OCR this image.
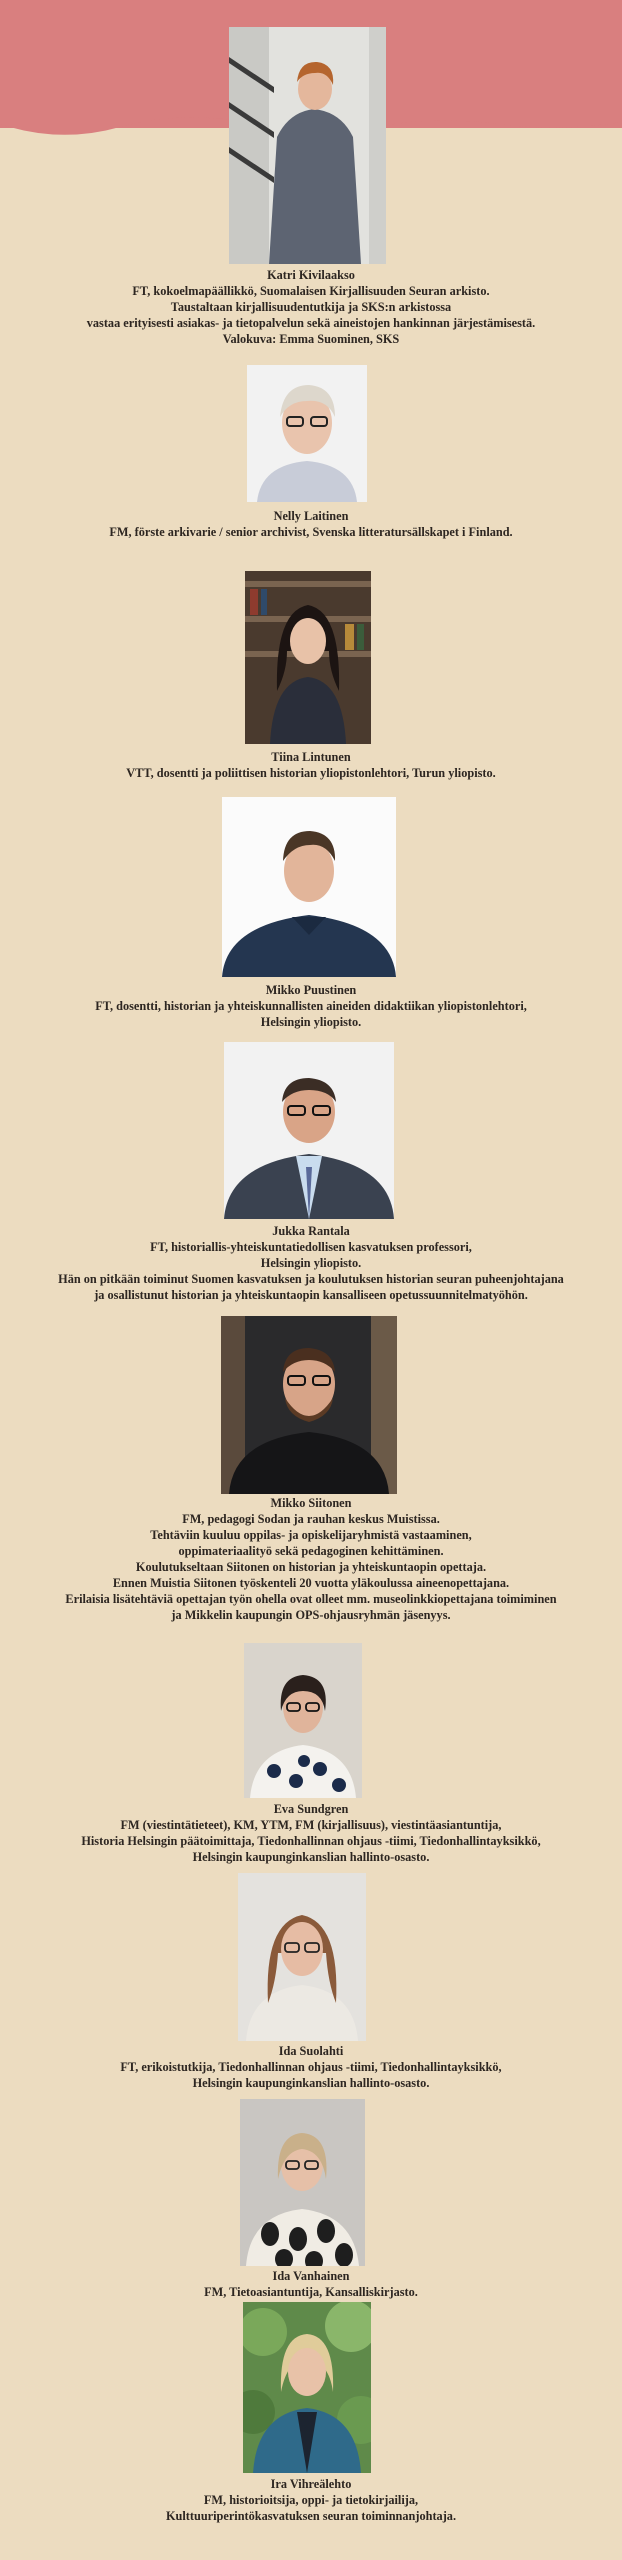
Katri Kivilaakso
FT, kokoelmapäällikkö, Suomalaisen Kirjallisuuden Seuran arkisto.
Taustaltaan kirjallisuudentutkija ja SKS:n arkistossa
vastaa erityisesti asiakas- ja tietopalvelun sekä aineistojen hankinnan järjestämisestä.
Valokuva: Emma Suominen, SKS
Nelly Laitinen
FM, förste arkivarie / senior archivist, Svenska litteratursällskapet i Finland.
Tiina Lintunen
VTT, dosentti ja poliittisen historian yliopistonlehtori, Turun yliopisto.
Mikko Puustinen
FT, dosentti, historian ja yhteiskunnallisten aineiden didaktiikan yliopistonlehtori,
Helsingin yliopisto.
Jukka Rantala
FT, historiallis-yhteiskuntatiedollisen kasvatuksen professori,
Helsingin yliopisto.
Hän on pitkään toiminut Suomen kasvatuksen ja koulutuksen historian seuran puheenjohtajana
ja osallistunut historian ja yhteiskuntaopin kansalliseen opetussuunnitelmatyöhön.
Mikko Siitonen
FM, pedagogi Sodan ja rauhan keskus Muistissa.
Tehtäviin kuuluu oppilas- ja opiskelijaryhmistä vastaaminen,
oppimateriaalityö sekä pedagoginen kehittäminen.
Koulutukseltaan Siitonen on historian ja yhteiskuntaopin opettaja.
Ennen Muistia Siitonen työskenteli 20 vuotta yläkoulussa aineenopettajana.
Erilaisia lisätehtäviä opettajan työn ohella ovat olleet mm. museolinkkiopettajana toimiminen
ja Mikkelin kaupungin OPS-ohjausryhmän jäsenyys.
Eva Sundgren
FM (viestintätieteet), KM, YTM, FM (kirjallisuus), viestintäasiantuntija,
Historia Helsingin päätoimittaja, Tiedonhallinnan ohjaus -tiimi, Tiedonhallintayksikkö,
Helsingin kaupunginkanslian hallinto-osasto.
Ida Suolahti
FT, erikoistutkija, Tiedonhallinnan ohjaus -tiimi, Tiedonhallintayksikkö,
Helsingin kaupunginkanslian hallinto-osasto.
Ida Vanhainen
FM, Tietoasiantuntija, Kansalliskirjasto.
Ira Vihreälehto
FM, historioitsija, oppi- ja tietokirjailija,
Kulttuuriperintökasvatuksen seuran toiminnanjohtaja.
